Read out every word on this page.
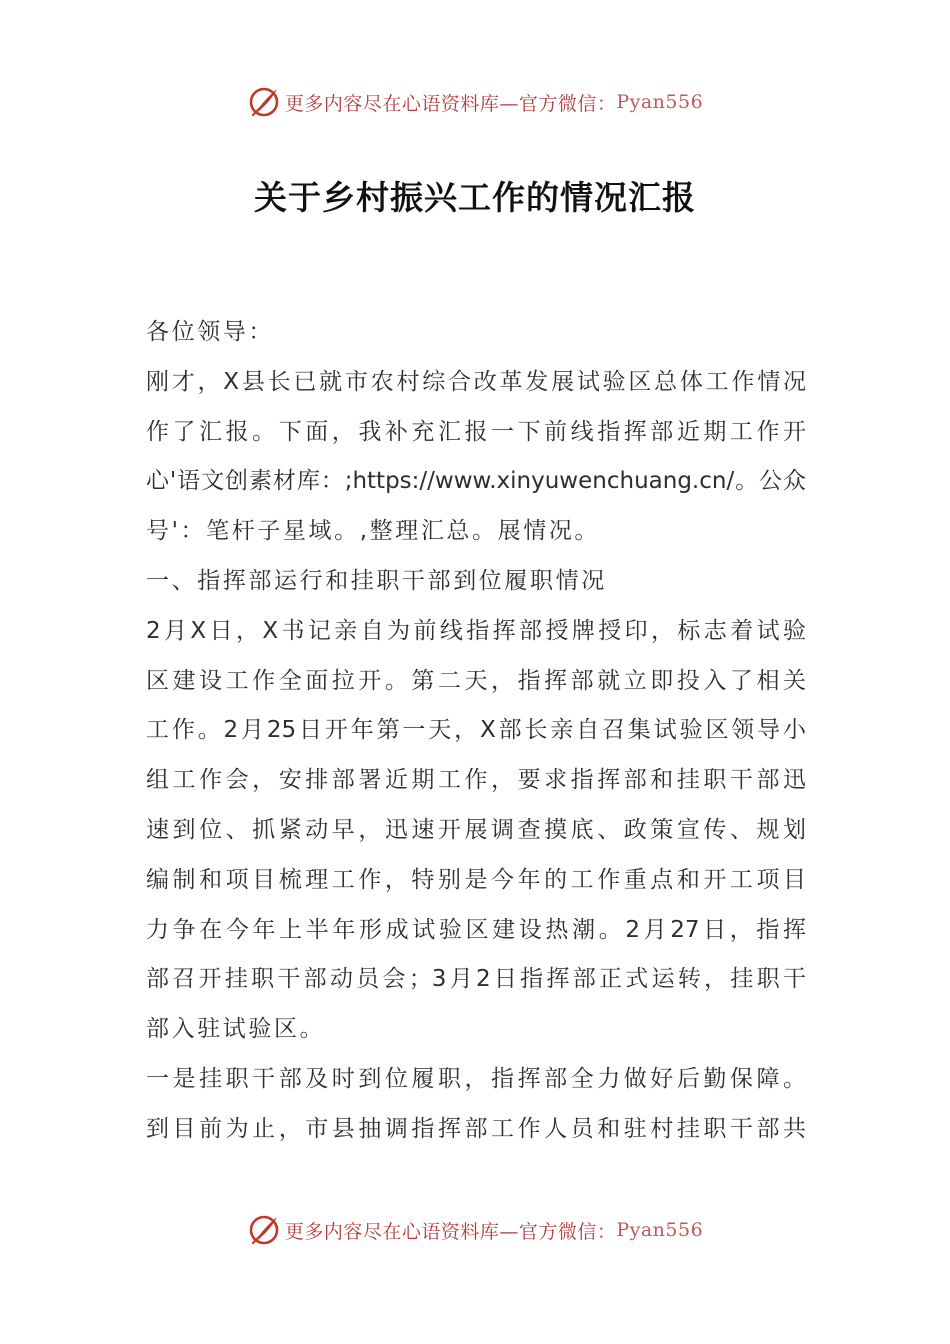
更多内容尽在心语资料库—官方微信： Pyan556
关于乡村振兴工作的情况汇报
各位领导：
刚才，X县长已就市农村综合改革发展试验区总体工作情况
作了汇报。下面，我补充汇报一下前线指挥部近期工作开
心'语文创素材库：;https://www.xinyuwenchuang.cn/。公众
号'：笔杆子星域。,整理汇总。展情况。
一、指挥部运行和挂职干部到位履职情况
2月X日，X书记亲自为前线指挥部授牌授印，标志着试验
区建设工作全面拉开。第二天，指挥部就立即投入了相关
工作。2月25日开年第一天，X部长亲自召集试验区领导小
组工作会，安排部署近期工作，要求指挥部和挂职干部迅
速到位、抓紧动早，迅速开展调查摸底、政策宣传、规划
编制和项目梳理工作，特别是今年的工作重点和开工项目
力争在今年上半年形成试验区建设热潮。2月27日，指挥
部召开挂职干部动员会；3月2日指挥部正式运转，挂职干
部入驻试验区。
一是挂职干部及时到位履职，指挥部全力做好后勤保障。
到目前为止，市县抽调指挥部工作人员和驻村挂职干部共
更多内容尽在心语资料库—官方微信： Pyan556
